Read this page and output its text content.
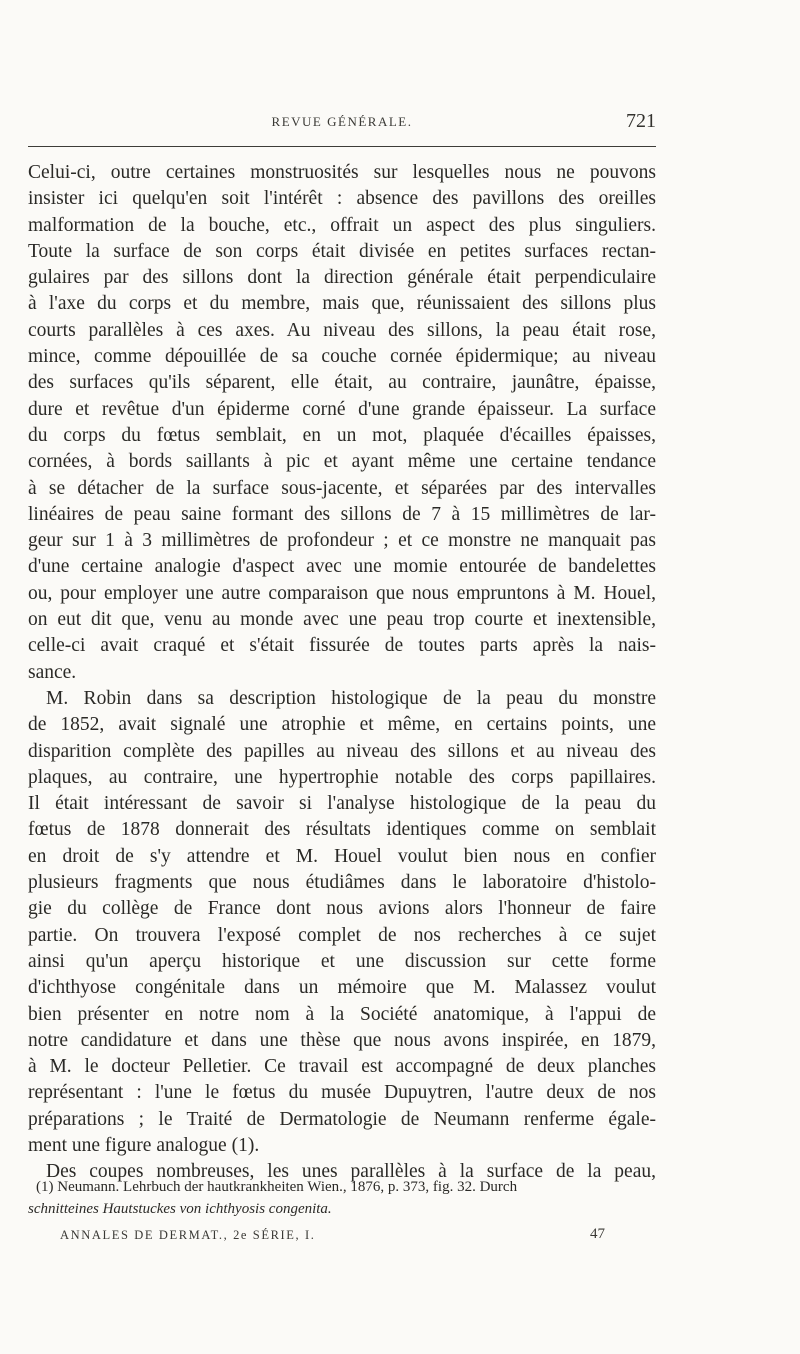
REVUE GÉNÉRALE.	721
Celui-ci, outre certaines monstruosités sur lesquelles nous ne pouvons
insister ici quelqu'en soit l'intérêt : absence des pavillons des oreilles
malformation de la bouche, etc., offrait un aspect des plus singuliers.
Toute la surface de son corps était divisée en petites surfaces rectan-
gulaires par des sillons dont la direction générale était perpendiculaire
à l'axe du corps et du membre, mais que, réunissaient des sillons plus
courts parallèles à ces axes. Au niveau des sillons, la peau était rose,
mince, comme dépouillée de sa couche cornée épidermique; au niveau
des surfaces qu'ils séparent, elle était, au contraire, jaunâtre, épaisse,
dure et revêtue d'un épiderme corné d'une grande épaisseur. La surface
du corps du fœtus semblait, en un mot, plaquée d'écailles épaisses,
cornées, à bords saillants à pic et ayant même une certaine tendance
à se détacher de la surface sous-jacente, et séparées par des intervalles
linéaires de peau saine formant des sillons de 7 à 15 millimètres de lar-
geur sur 1 à 3 millimètres de profondeur ; et ce monstre ne manquait pas
d'une certaine analogie d'aspect avec une momie entourée de bandelettes
ou, pour employer une autre comparaison que nous empruntons à M. Houel,
on eut dit que, venu au monde avec une peau trop courte et inextensible,
celle-ci avait craqué et s'était fissurée de toutes parts après la nais-
sance.
M. Robin dans sa description histologique de la peau du monstre
de 1852, avait signalé une atrophie et même, en certains points, une
disparition complète des papilles au niveau des sillons et au niveau des
plaques, au contraire, une hypertrophie notable des corps papillaires.
Il était intéressant de savoir si l'analyse histologique de la peau du
fœtus de 1878 donnerait des résultats identiques comme on semblait
en droit de s'y attendre et M. Houel voulut bien nous en confier
plusieurs fragments que nous étudiâmes dans le laboratoire d'histolo-
gie du collège de France dont nous avions alors l'honneur de faire
partie. On trouvera l'exposé complet de nos recherches à ce sujet
ainsi qu'un aperçu historique et une discussion sur cette forme
d'ichthyose congénitale dans un mémoire que M. Malassez voulut
bien présenter en notre nom à la Société anatomique, à l'appui de
notre candidature et dans une thèse que nous avons inspirée, en 1879,
à M. le docteur Pelletier. Ce travail est accompagné de deux planches
représentant : l'une le fœtus du musée Dupuytren, l'autre deux de nos
préparations ; le Traité de Dermatologie de Neumann renferme égale-
ment une figure analogue (1).
Des coupes nombreuses, les unes parallèles à la surface de la peau,
(1) Neumann. Lehrbuch der hautkrankheiten Wien., 1876, p. 373, fig. 32. Durch
schnitteines Hautstuckes von ichthyosis congenita.
ANNALES DE DERMAT., 2e SÉRIE, I.	47
